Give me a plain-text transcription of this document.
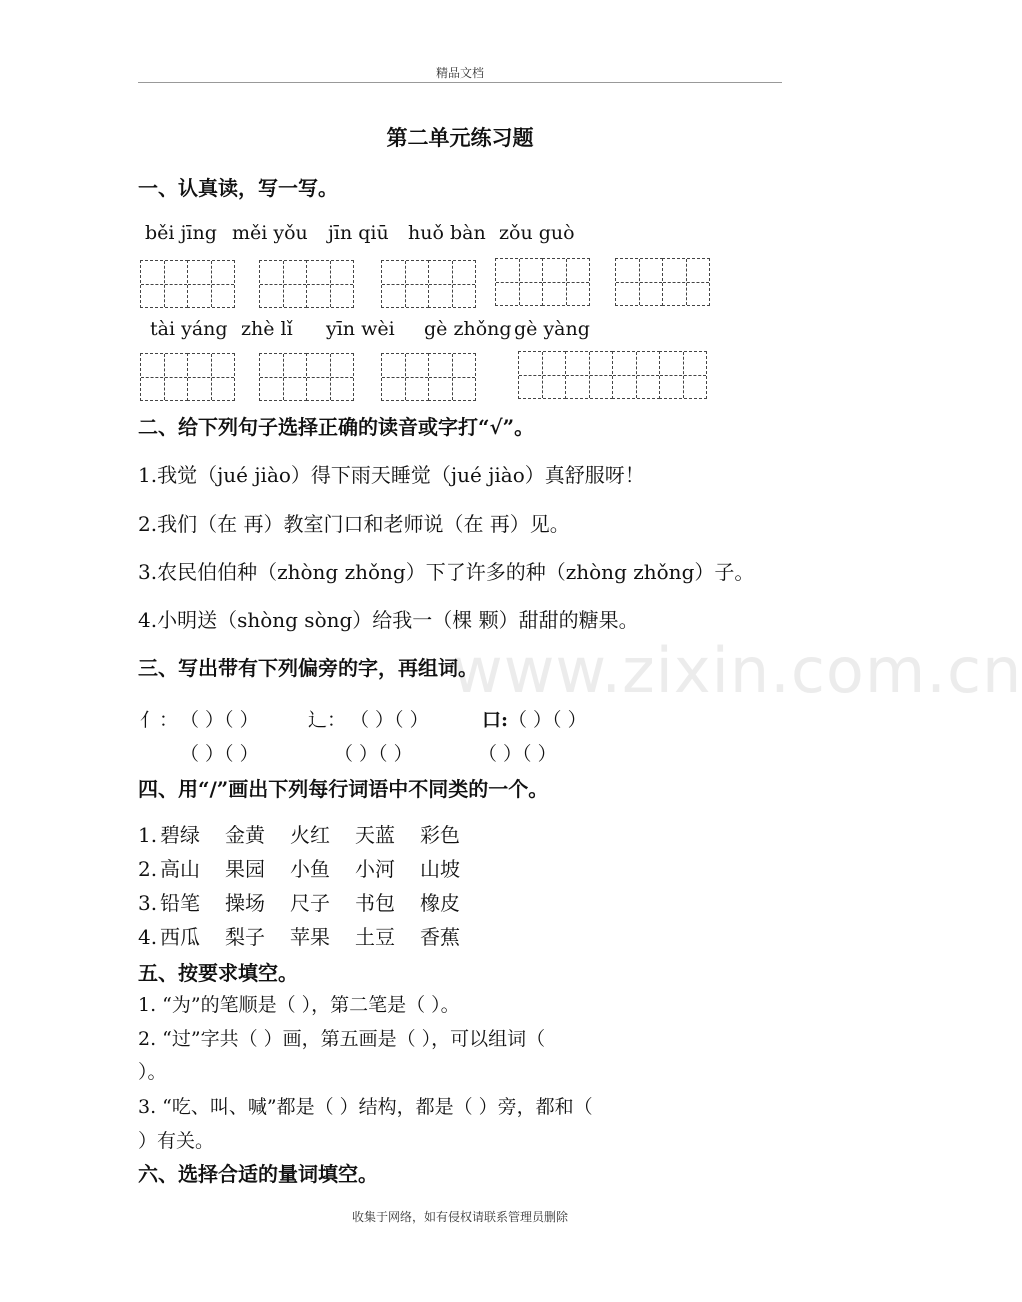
精品文档
www.zixin.com.cn
第二单元练习题
一、认真读，写一写。
běi jīng měi yǒu jīn qiū huǒ bàn zǒu guò
tài yáng zhè lǐ yīn wèi gè zhǒng gè yàng
二、给下列句子选择正确的读音或字打“√”。
1.我觉（jué jiào）得下雨天睡觉（jué jiào）真舒服呀！
2.我们（在 再）教室门口和老师说（在 再）见。
3.农民伯伯种（zhòng zhǒng）下了许多的种（zhòng zhǒng）子。
4.小明送（shòng sòng）给我一（棵 颗）甜甜的糖果。
三、写出带有下列偏旁的字，再组词。
亻： （ ）（ ）	辶： （ ）（ ）	口: （ ）（ ）
（ ）（ ）	（ ）（ ）	（ ）（ ）
四、用“/”画出下列每行词语中不同类的一个。
1. 碧绿 金黄 火红 天蓝 彩色
2. 高山 果园 小鱼 小河 山坡
3. 铅笔 操场 尺子 书包 橡皮
4. 西瓜 梨子 苹果 土豆 香蕉
五、按要求填空。
1. “为”的笔顺是（ ），第二笔是（ ）。
2. “过”字共（ ）画，第五画是（ ），可以组词（
）。
3. “吃、叫、喊”都是（ ）结构，都是（ ）旁，都和（
）有关。
六、选择合适的量词填空。
收集于网络，如有侵权请联系管理员删除
